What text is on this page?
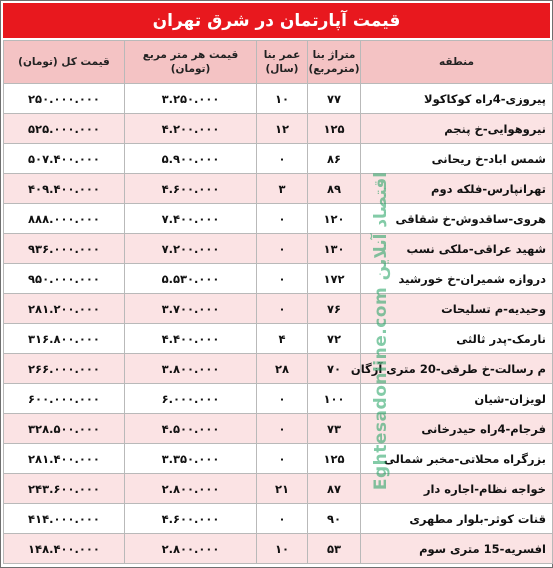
قیمت آپارتمان در شرق تهران
منطقه	متراژ بنا (مترمربع)	عمر بنا (سال)	قیمت هر متر مربع (تومان)	قیمت کل (تومان)
پیروزی-4راه کوکاکولا	۷۷	۱۰	۳.۲۵۰.۰۰۰	۲۵۰.۰۰۰.۰۰۰
نیروهوایی-خ پنجم	۱۲۵	۱۲	۴.۲۰۰.۰۰۰	۵۲۵.۰۰۰.۰۰۰
شمس اباد-خ ریحانی	۸۶	۰	۵.۹۰۰.۰۰۰	۵۰۷.۴۰۰.۰۰۰
تهرانپارس-فلکه دوم	۸۹	۳	۴.۶۰۰.۰۰۰	۴۰۹.۴۰۰.۰۰۰
هروی-ساقدوش-خ شقاقی	۱۲۰	۰	۷.۴۰۰.۰۰۰	۸۸۸.۰۰۰.۰۰۰
شهید عراقی-ملکی نسب	۱۳۰	۰	۷.۲۰۰.۰۰۰	۹۳۶.۰۰۰.۰۰۰
دروازه شمیران-خ خورشید	۱۷۲	۰	۵.۵۳۰.۰۰۰	۹۵۰.۰۰۰.۰۰۰
وحیدیه-م تسلیحات	۷۶	۰	۳.۷۰۰.۰۰۰	۲۸۱.۲۰۰.۰۰۰
نارمک-پدر ثالثی	۷۲	۴	۴.۴۰۰.۰۰۰	۳۱۶.۸۰۰.۰۰۰
م رسالت-خ طرقی-20 متری آزگان	۷۰	۲۸	۳.۸۰۰.۰۰۰	۲۶۶.۰۰۰.۰۰۰
لویزان-شیان	۱۰۰	۰	۶.۰۰۰.۰۰۰	۶۰۰.۰۰۰.۰۰۰
فرجام-4راه حیدرخانی	۷۳	۰	۴.۵۰۰.۰۰۰	۳۲۸.۵۰۰.۰۰۰
بزرگراه محلاتی-مخبر شمالی	۱۲۵	۰	۳.۳۵۰.۰۰۰	۲۸۱.۴۰۰.۰۰۰
خواجه نظام-اجاره دار	۸۷	۲۱	۲.۸۰۰.۰۰۰	۲۴۳.۶۰۰.۰۰۰
قنات کوثر-بلوار مطهری	۹۰	۰	۴.۶۰۰.۰۰۰	۴۱۴.۰۰۰.۰۰۰
افسریه-15 متری سوم	۵۳	۱۰	۲.۸۰۰.۰۰۰	۱۴۸.۴۰۰.۰۰۰
Eghtesadonline.com اقتصاد آنلاین
